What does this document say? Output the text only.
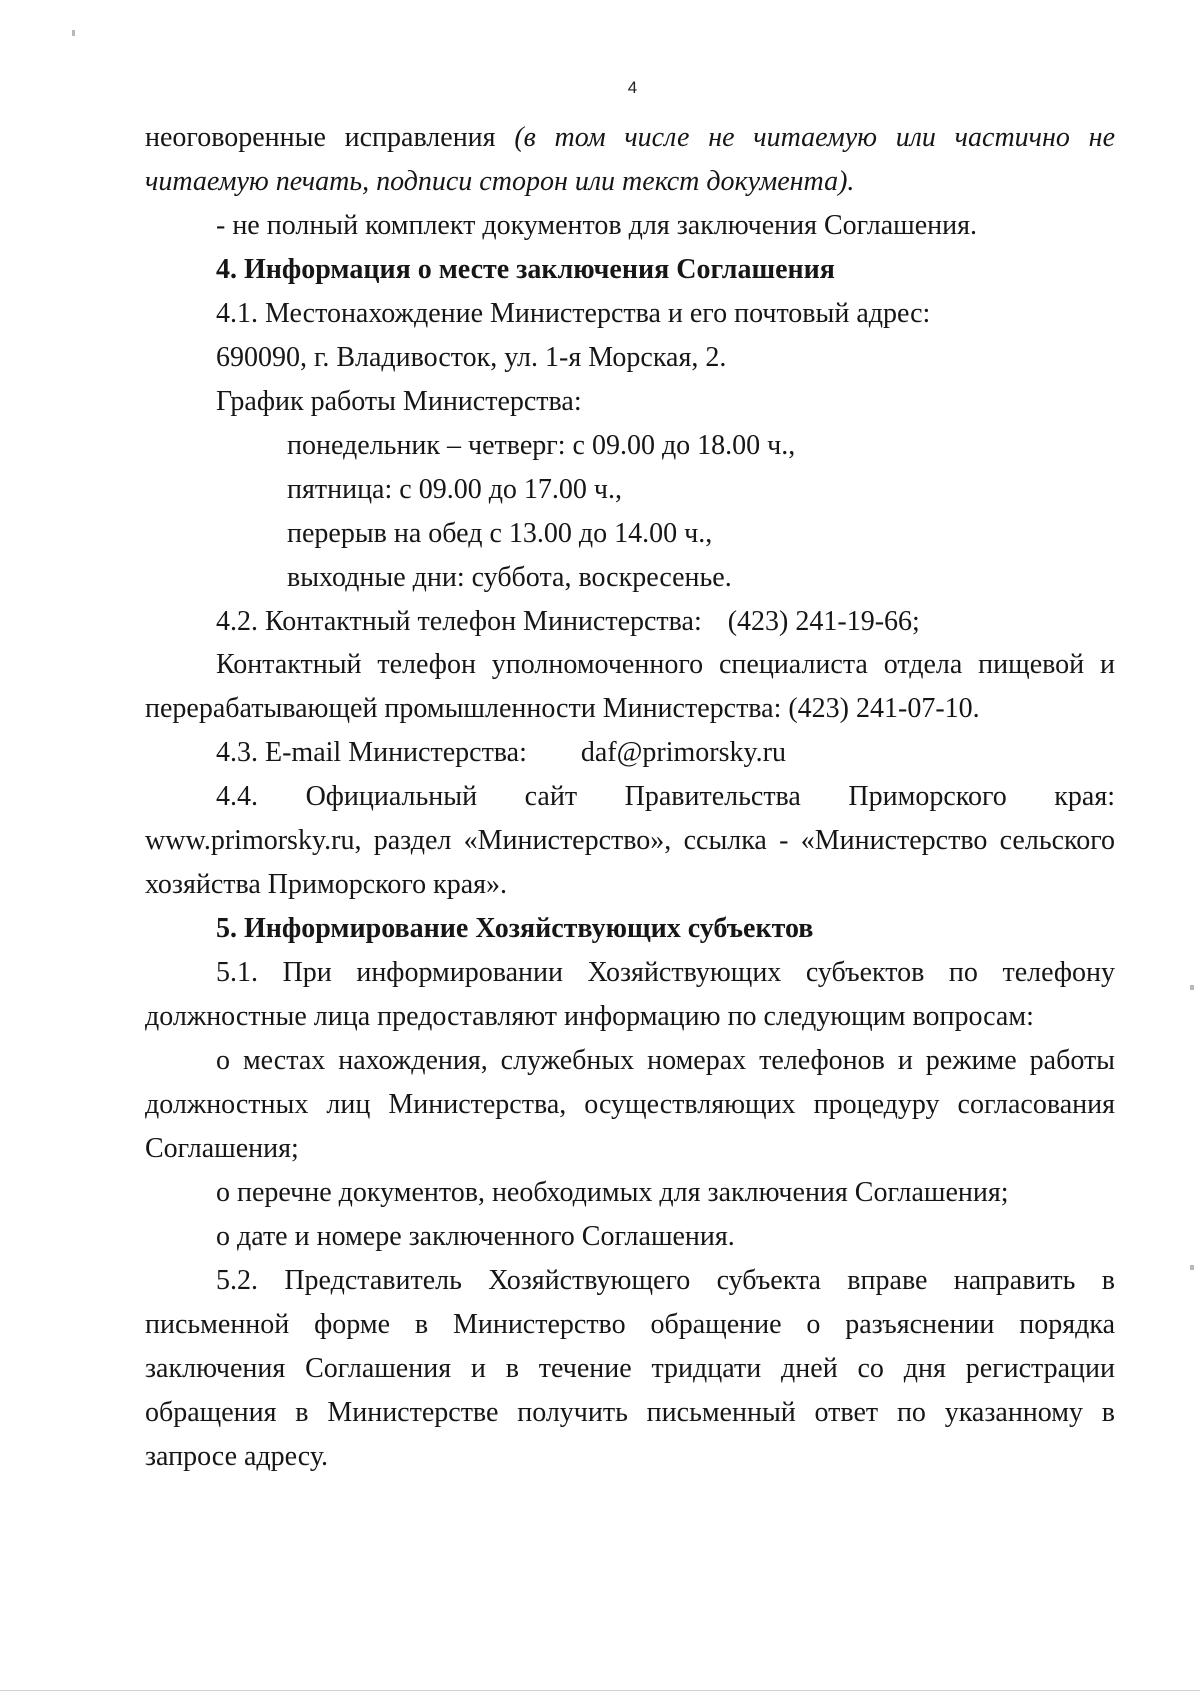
4
неоговоренные исправления (в том числе не читаемую или частично не
читаемую печать, подписи сторон или текст документа).
- не полный комплект документов для заключения Соглашения.
4. Информация о месте заключения Соглашения
4.1. Местонахождение Министерства и его почтовый адрес:
690090, г. Владивосток, ул. 1-я Морская, 2.
График работы Министерства:
понедельник – четверг: с 09.00 до 18.00 ч.,
пятница: с 09.00 до 17.00 ч.,
перерыв на обед с 13.00 до 14.00 ч.,
выходные дни: суббота, воскресенье.
4.2. Контактный телефон Министерства: (423) 241-19-66;
Контактный телефон уполномоченного специалиста отдела пищевой и
перерабатывающей промышленности Министерства: (423) 241-07-10.
4.3. E-mail Министерства: daf@primorsky.ru
4.4. Официальный сайт Правительства Приморского края:
www.primorsky.ru, раздел «Министерство», ссылка - «Министерство сельского
хозяйства Приморского края».
5. Информирование Хозяйствующих субъектов
5.1. При информировании Хозяйствующих субъектов по телефону
должностные лица предоставляют информацию по следующим вопросам:
о местах нахождения, служебных номерах телефонов и режиме работы
должностных лиц Министерства, осуществляющих процедуру согласования
Соглашения;
о перечне документов, необходимых для заключения Соглашения;
о дате и номере заключенного Соглашения.
5.2. Представитель Хозяйствующего субъекта вправе направить в
письменной форме в Министерство обращение о разъяснении порядка
заключения Соглашения и в течение тридцати дней со дня регистрации
обращения в Министерстве получить письменный ответ по указанному в
запросе адресу.
